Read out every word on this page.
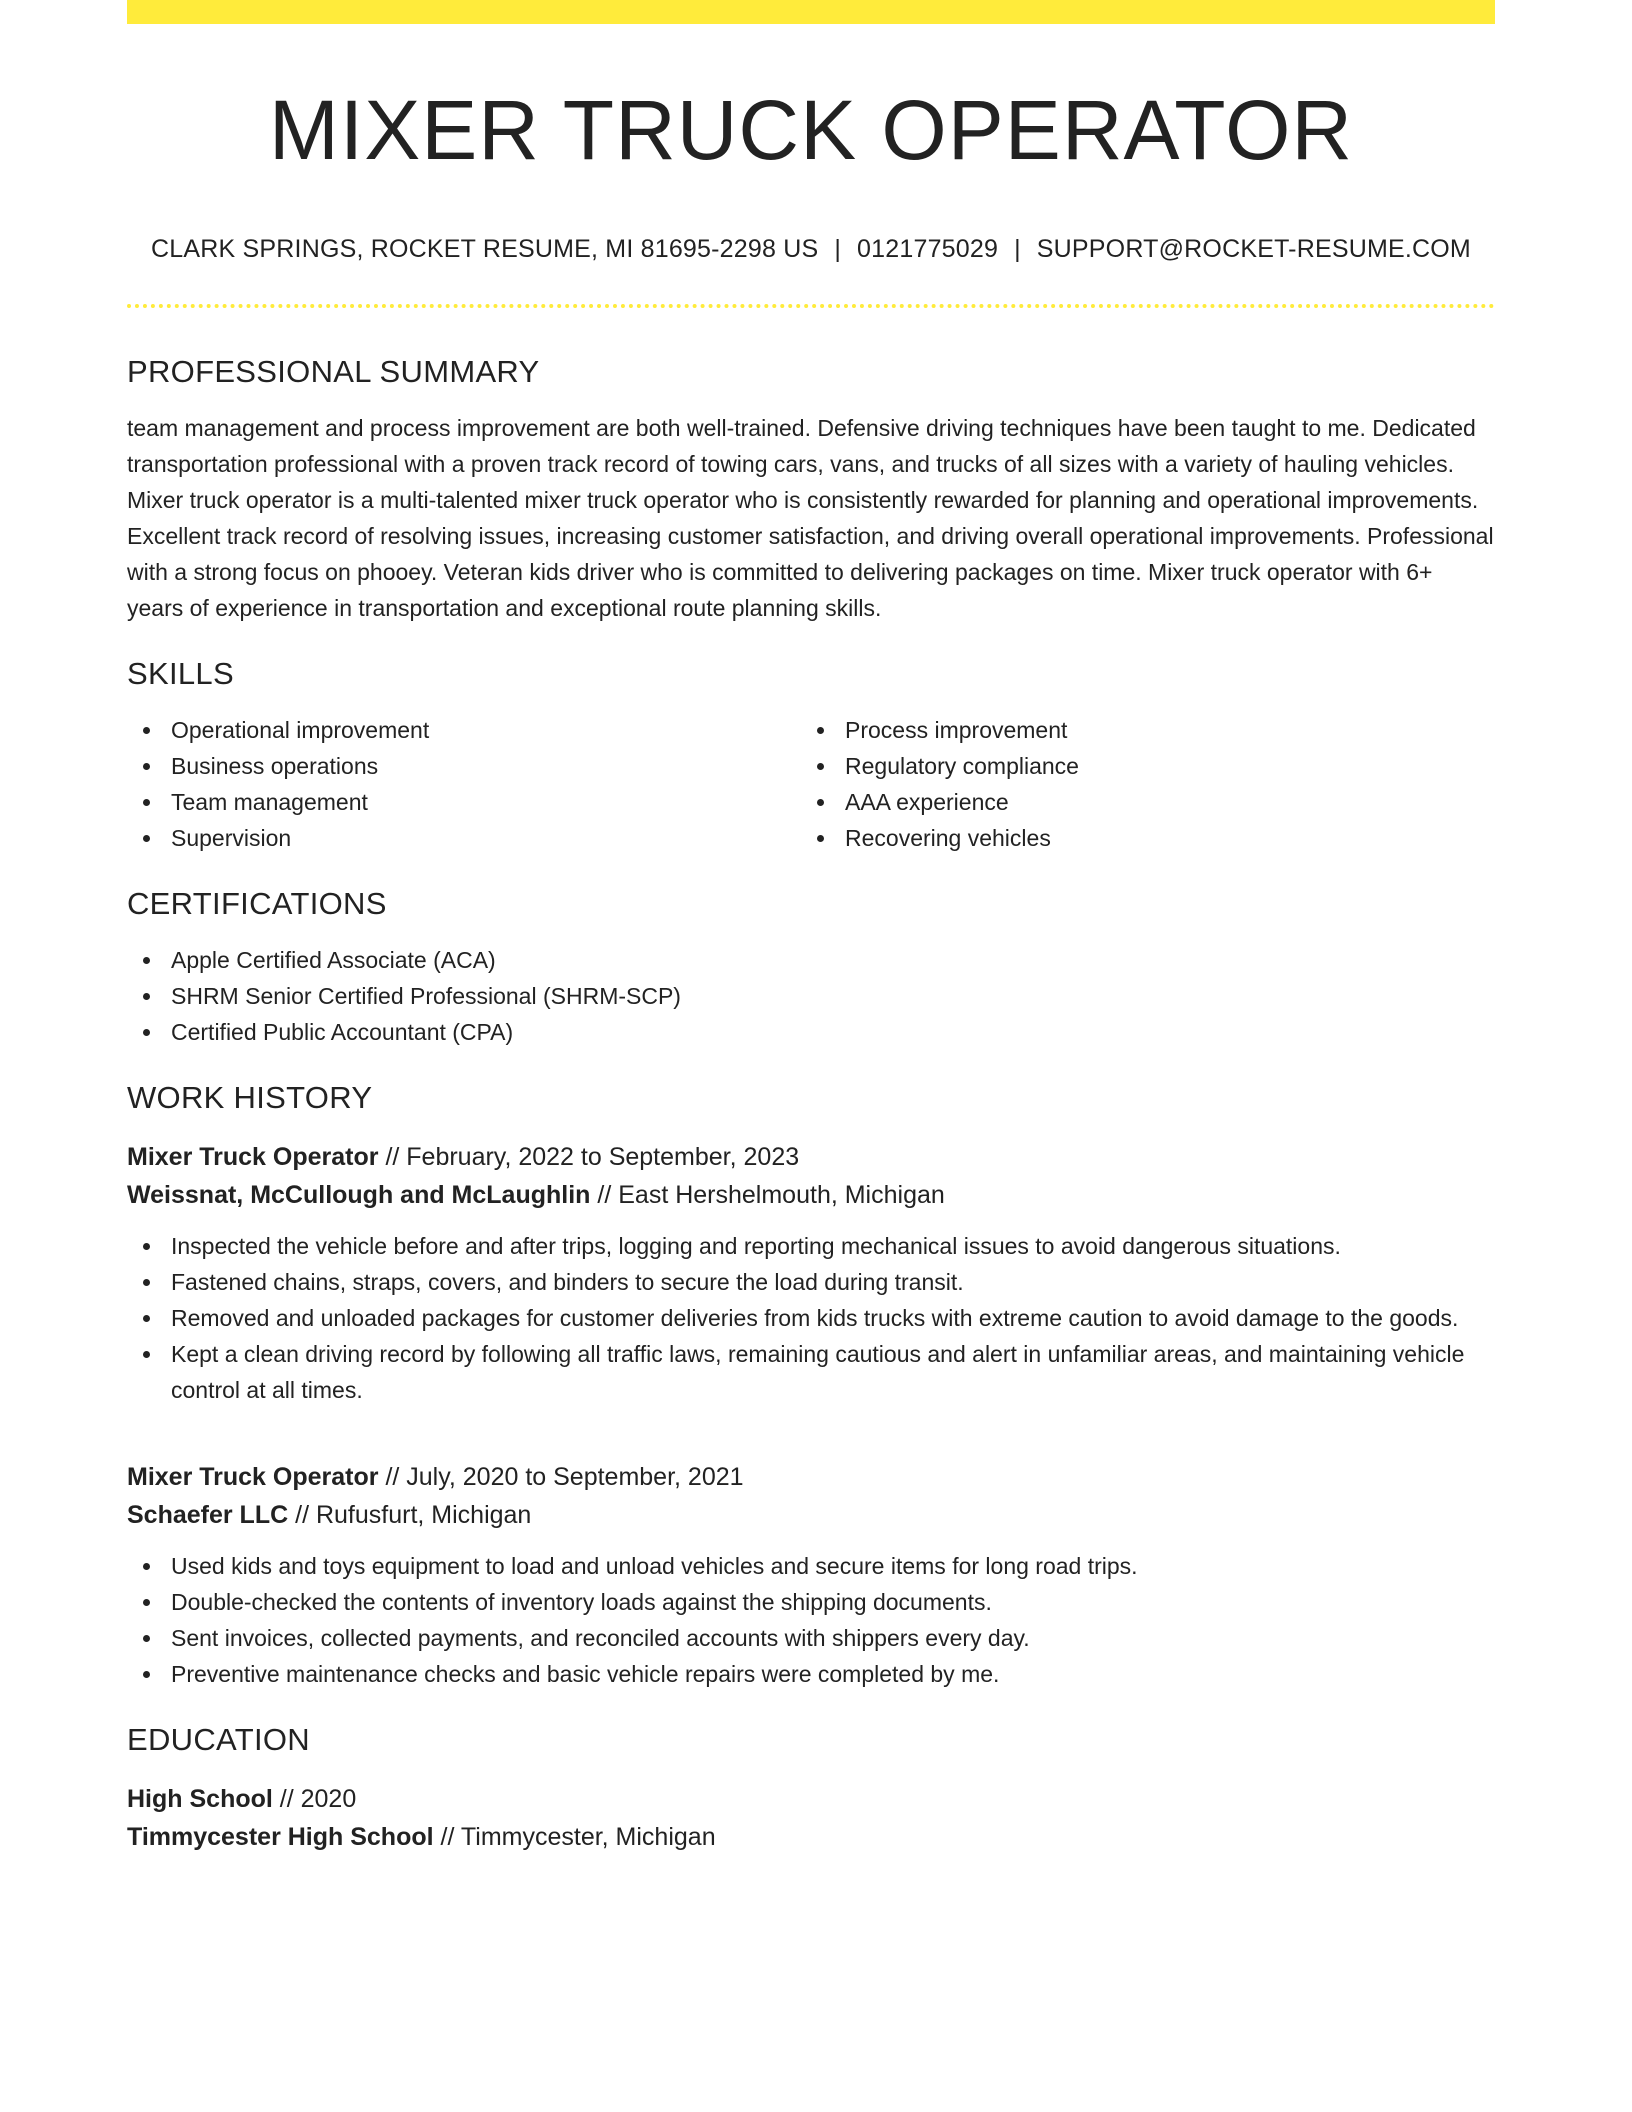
MIXER TRUCK OPERATOR
CLARK SPRINGS, ROCKET RESUME, MI 81695-2298 US | 0121775029 | SUPPORT@ROCKET-RESUME.COM
PROFESSIONAL SUMMARY
team management and process improvement are both well-trained. Defensive driving techniques have been taught to me. Dedicated transportation professional with a proven track record of towing cars, vans, and trucks of all sizes with a variety of hauling vehicles. Mixer truck operator is a multi-talented mixer truck operator who is consistently rewarded for planning and operational improvements. Excellent track record of resolving issues, increasing customer satisfaction, and driving overall operational improvements. Professional with a strong focus on phooey. Veteran kids driver who is committed to delivering packages on time. Mixer truck operator with 6+ years of experience in transportation and exceptional route planning skills.
SKILLS
Operational improvement
Business operations
Team management
Supervision
Process improvement
Regulatory compliance
AAA experience
Recovering vehicles
CERTIFICATIONS
Apple Certified Associate (ACA)
SHRM Senior Certified Professional (SHRM-SCP)
Certified Public Accountant (CPA)
WORK HISTORY
Mixer Truck Operator // February, 2022 to September, 2023
Weissnat, McCullough and McLaughlin // East Hershelmouth, Michigan
Inspected the vehicle before and after trips, logging and reporting mechanical issues to avoid dangerous situations.
Fastened chains, straps, covers, and binders to secure the load during transit.
Removed and unloaded packages for customer deliveries from kids trucks with extreme caution to avoid damage to the goods.
Kept a clean driving record by following all traffic laws, remaining cautious and alert in unfamiliar areas, and maintaining vehicle control at all times.
Mixer Truck Operator // July, 2020 to September, 2021
Schaefer LLC // Rufusfurt, Michigan
Used kids and toys equipment to load and unload vehicles and secure items for long road trips.
Double-checked the contents of inventory loads against the shipping documents.
Sent invoices, collected payments, and reconciled accounts with shippers every day.
Preventive maintenance checks and basic vehicle repairs were completed by me.
EDUCATION
High School // 2020
Timmycester High School // Timmycester, Michigan
